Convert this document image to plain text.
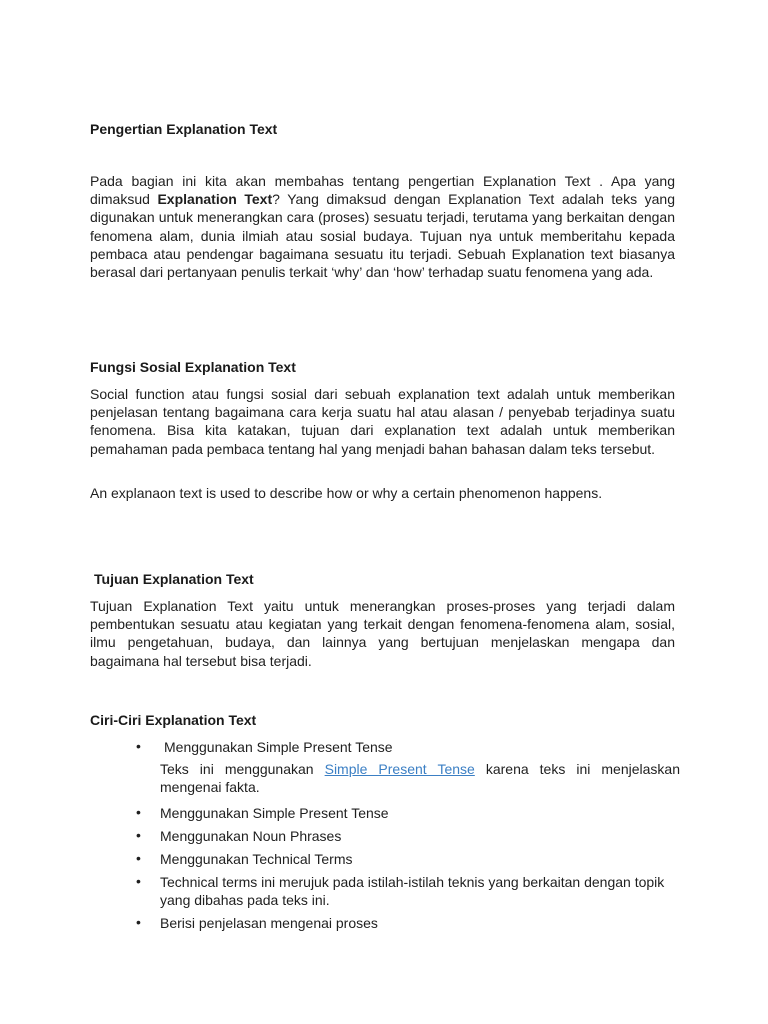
Pengertian Explanation Text

Pada bagian ini kita akan membahas tentang pengertian Explanation Text . Apa yang dimaksud Explanation Text? Yang dimaksud dengan Explanation Text adalah teks yang digunakan untuk menerangkan cara (proses) sesuatu terjadi, terutama yang berkaitan dengan fenomena alam, dunia ilmiah atau sosial budaya. Tujuan nya untuk memberitahu kepada pembaca atau pendengar bagaimana sesuatu itu terjadi. Sebuah Explanation text biasanya berasal dari pertanyaan penulis terkait ‘why’ dan ‘how’ terhadap suatu fenomena yang ada.

Fungsi Sosial Explanation Text

Social function atau fungsi sosial dari sebuah explanation text adalah untuk memberikan penjelasan tentang bagaimana cara kerja suatu hal atau alasan / penyebab terjadinya suatu fenomena. Bisa kita katakan, tujuan dari explanation text adalah untuk memberikan pemahaman pada pembaca tentang hal yang menjadi bahan bahasan dalam teks tersebut.

An explanaon text is used to describe how or why a certain phenomenon happens.

Tujuan Explanation Text

Tujuan Explanation Text yaitu untuk menerangkan proses-proses yang terjadi dalam pembentukan sesuatu atau kegiatan yang terkait dengan fenomena-fenomena alam, sosial, ilmu pengetahuan, budaya, dan lainnya yang bertujuan menjelaskan mengapa dan bagaimana hal tersebut bisa terjadi.

Ciri-Ciri Explanation Text
• Menggunakan Simple Present Tense
Teks ini menggunakan Simple Present Tense karena teks ini menjelaskan mengenai fakta.
• Menggunakan Simple Present Tense
• Menggunakan Noun Phrases
• Menggunakan Technical Terms
• Technical terms ini merujuk pada istilah-istilah teknis yang berkaitan dengan topik yang dibahas pada teks ini.
• Berisi penjelasan mengenai proses
